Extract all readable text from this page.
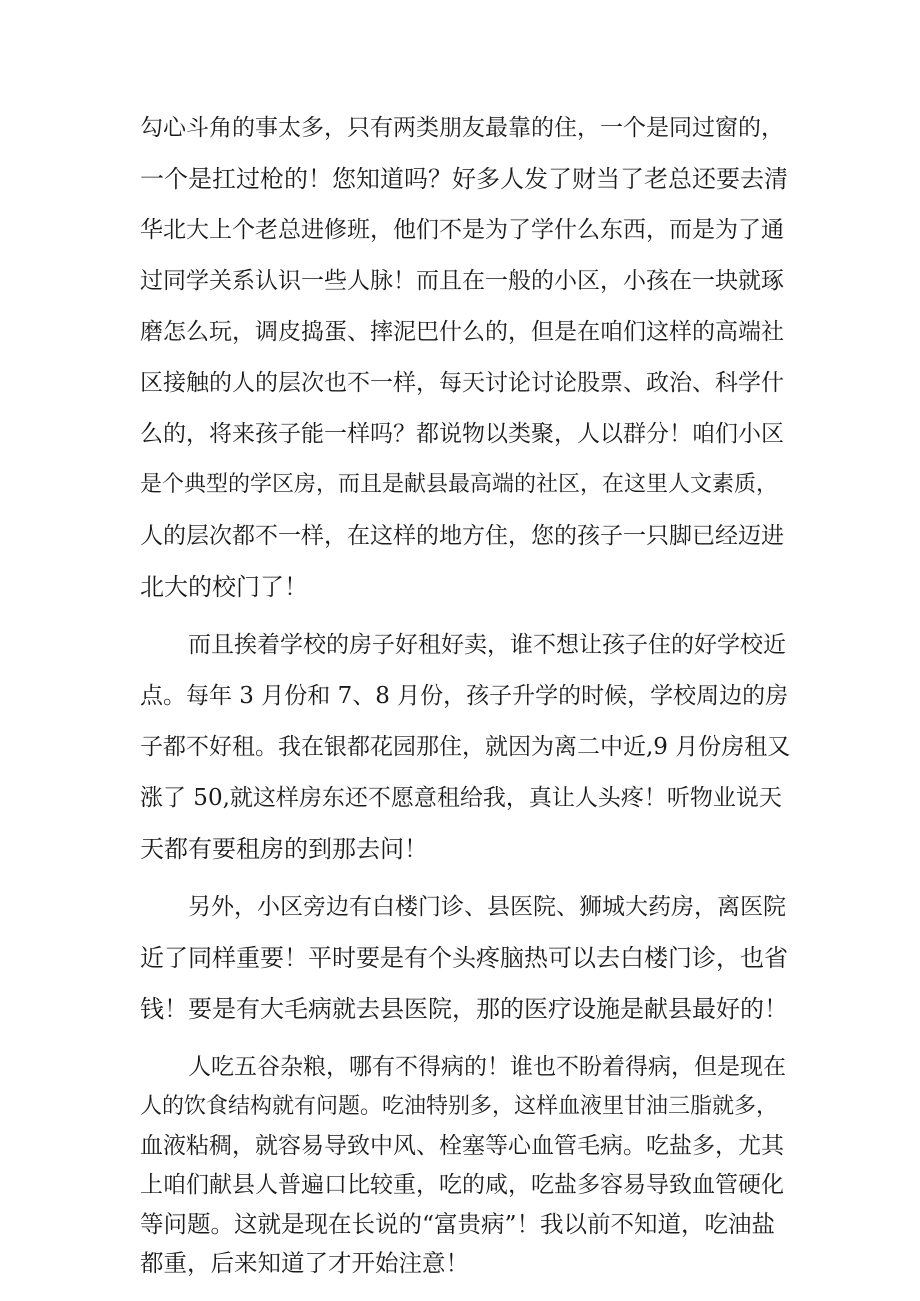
勾心斗角的事太多，只有两类朋友最靠的住，一个是同过窗的，
一个是扛过枪的！您知道吗？好多人发了财当了老总还要去清
华北大上个老总进修班，他们不是为了学什么东西，而是为了通
过同学关系认识一些人脉！而且在一般的小区，小孩在一块就琢
磨怎么玩，调皮捣蛋、摔泥巴什么的，但是在咱们这样的高端社
区接触的人的层次也不一样，每天讨论讨论股票、政治、科学什
么的，将来孩子能一样吗？都说物以类聚，人以群分！咱们小区
是个典型的学区房，而且是献县最高端的社区，在这里人文素质，
人的层次都不一样，在这样的地方住，您的孩子一只脚已经迈进
北大的校门了！
而且挨着学校的房子好租好卖，谁不想让孩子住的好学校近
点。每年 3 月份和 7、8 月份，孩子升学的时候，学校周边的房
子都不好租。我在银都花园那住，就因为离二中近,9 月份房租又
涨了 50,就这样房东还不愿意租给我，真让人头疼！听物业说天
天都有要租房的到那去问！
另外，小区旁边有白楼门诊、县医院、狮城大药房，离医院
近了同样重要！平时要是有个头疼脑热可以去白楼门诊，也省
钱！要是有大毛病就去县医院，那的医疗设施是献县最好的！
人吃五谷杂粮，哪有不得病的！谁也不盼着得病，但是现在
人的饮食结构就有问题。吃油特别多，这样血液里甘油三脂就多，
血液粘稠，就容易导致中风、栓塞等心血管毛病。吃盐多，尤其
上咱们献县人普遍口比较重，吃的咸，吃盐多容易导致血管硬化
等问题。这就是现在长说的“富贵病”！我以前不知道，吃油盐
都重，后来知道了才开始注意！
